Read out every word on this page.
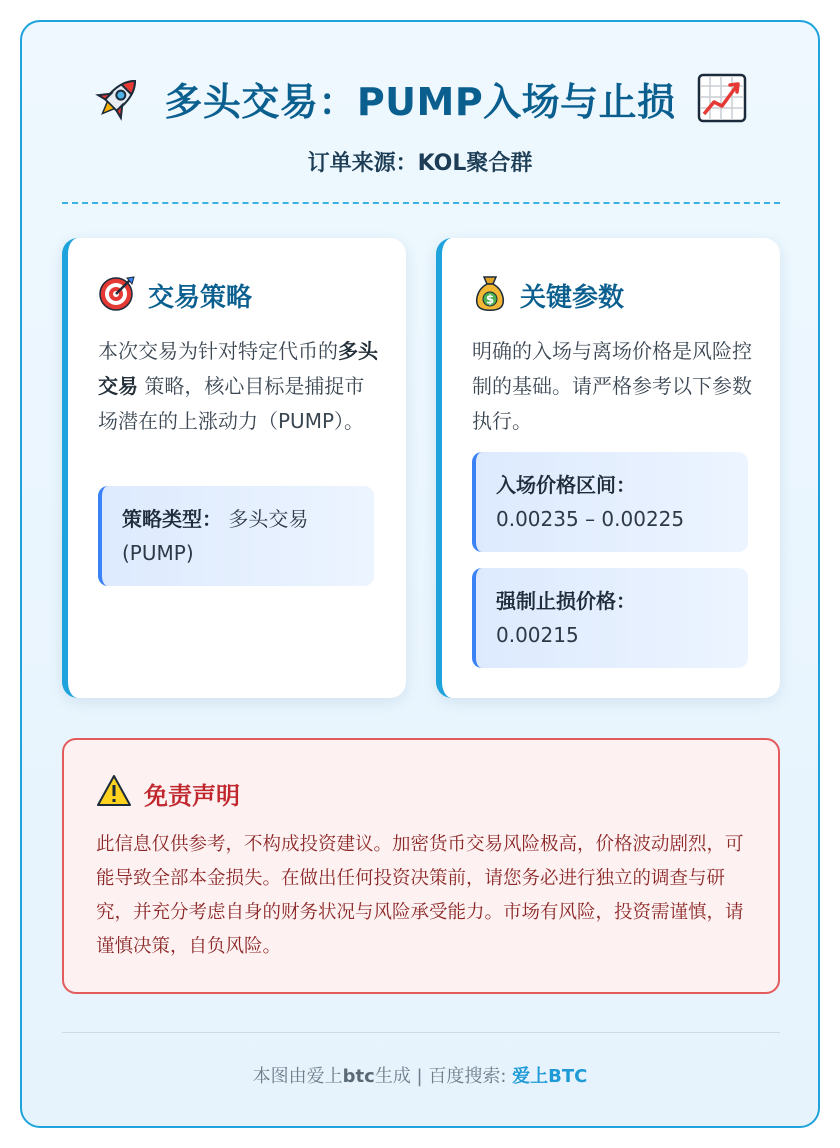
多头交易：PUMP入场与止损
订单来源：KOL聚合群
交易策略
本次交易为针对特定代币的多头交易 策略，核心目标是捕捉市场潜在的上涨动力（PUMP）。
策略类型： 多头交易 (PUMP)
$ 关键参数
明确的入场与离场价格是风险控制的基础。请严格参考以下参数执行。
入场价格区间：
0.00235 – 0.00225
强制止损价格：
0.00215
免责声明
此信息仅供参考，不构成投资建议。加密货币交易风险极高，价格波动剧烈，可能导致全部本金损失。在做出任何投资决策前，请您务必进行独立的调查与研究，并充分考虑自身的财务状况与风险承受能力。市场有风险，投资需谨慎，请谨慎决策，自负风险。
本图由爱上btc生成 | 百度搜索: 爱上BTC
